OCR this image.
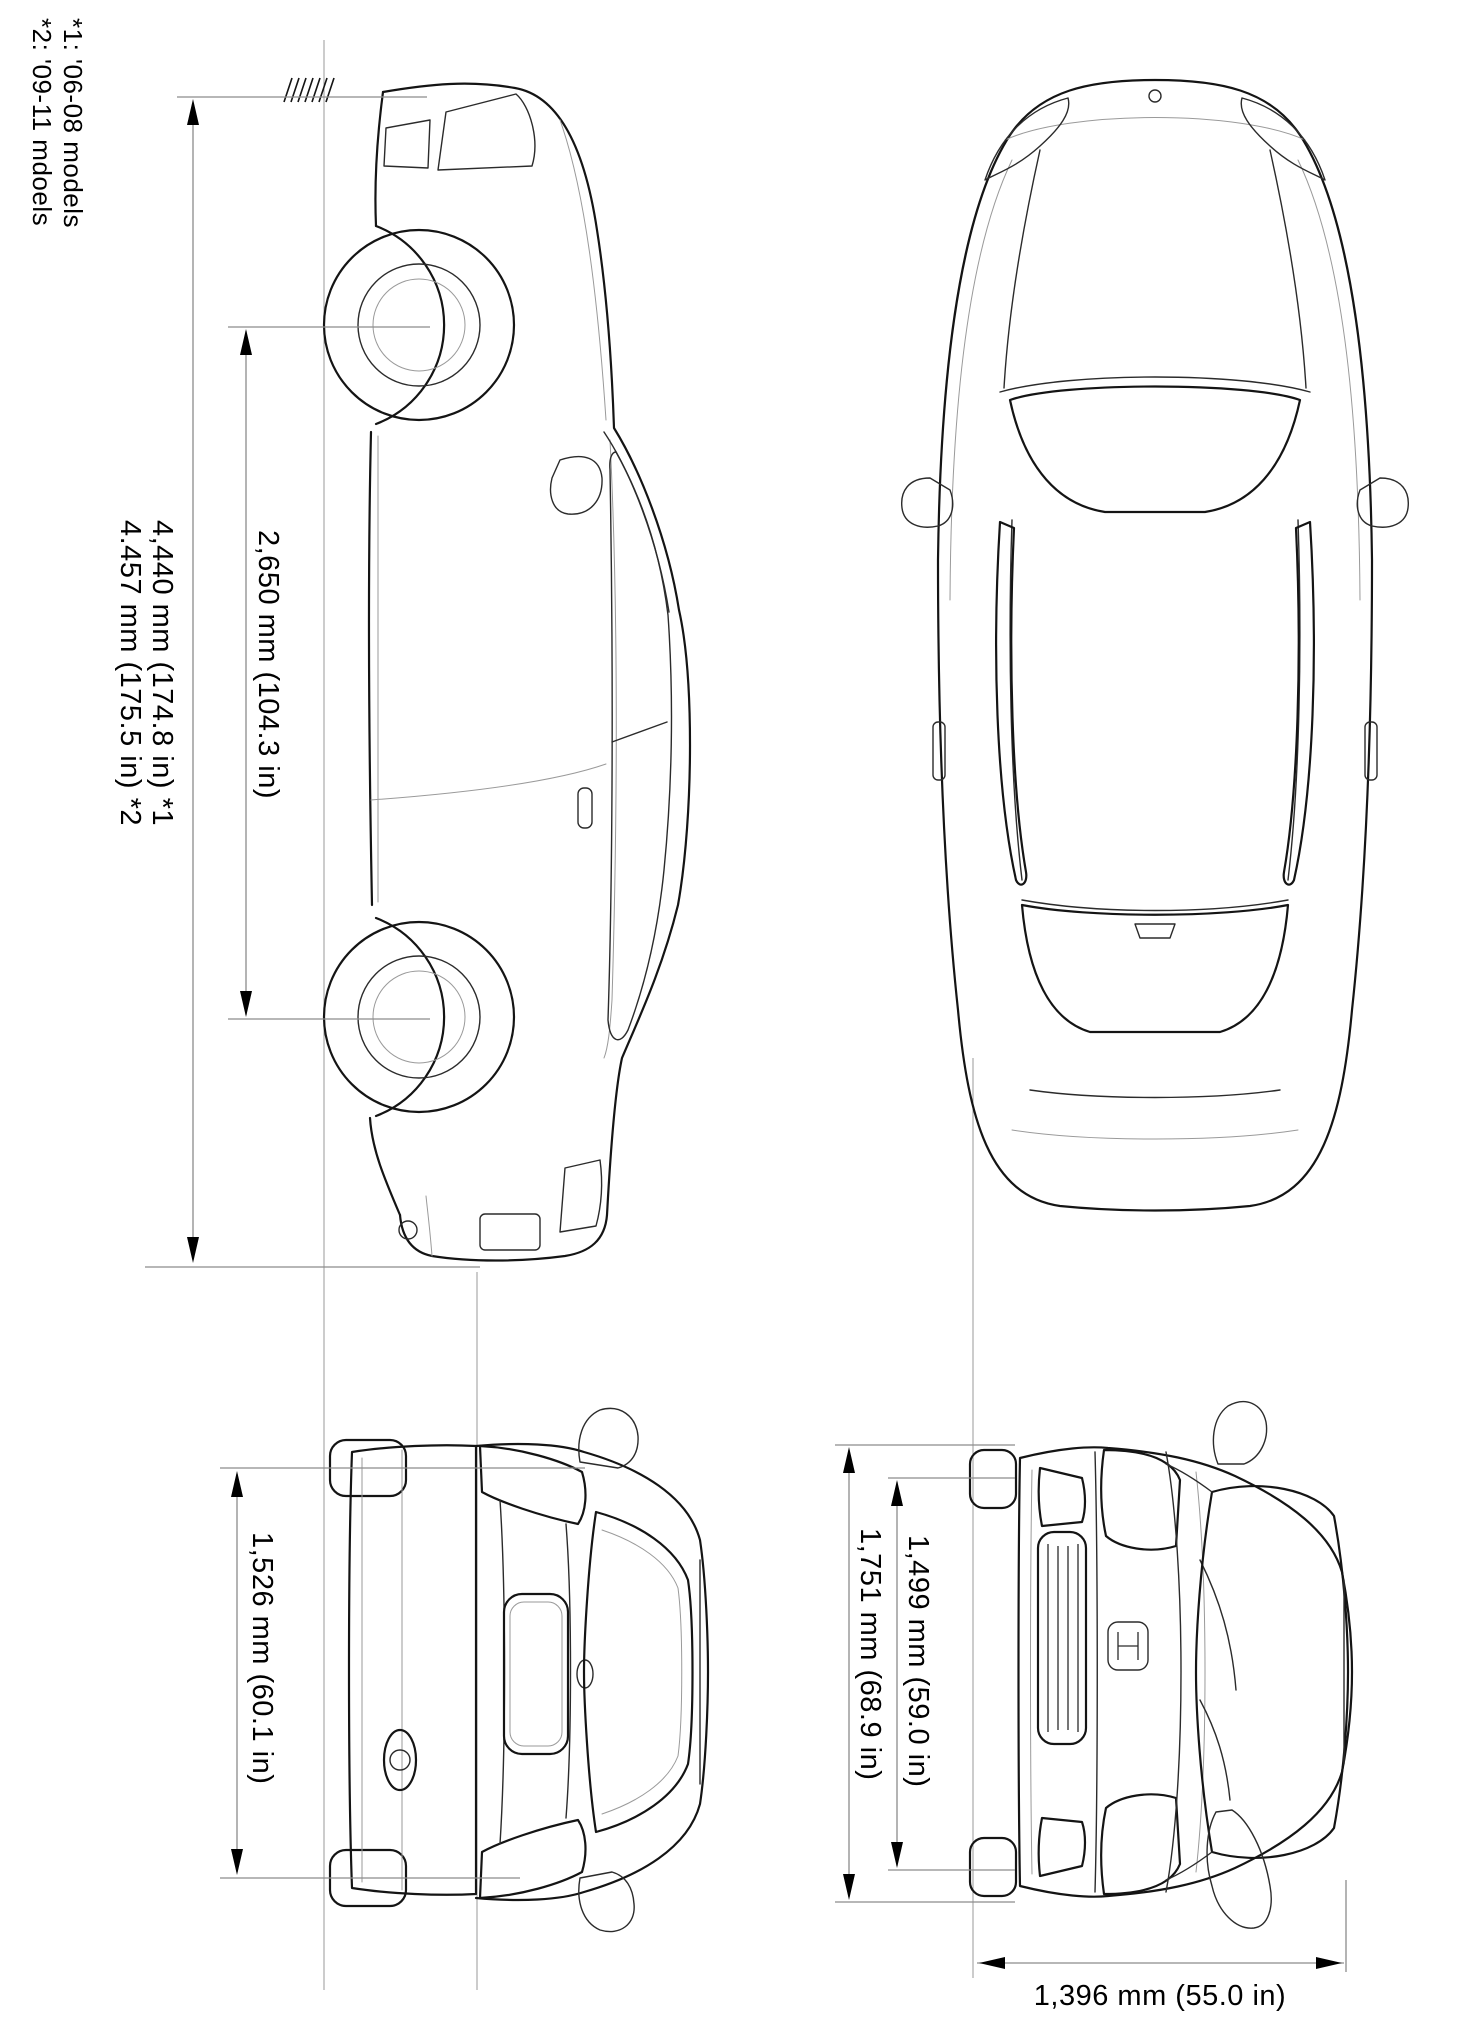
*1: '06-08 models
*2: '09-11 mdoels
4,440 mm (174.8 in) *1
4.457 mm (175.5 in) *2	2,650 mm (104.3 in)
1,526 mm (60.1 in)	1,751 mm (68.9 in) 1,499 mm (59.0 in)
1,396 mm (55.0 in)
